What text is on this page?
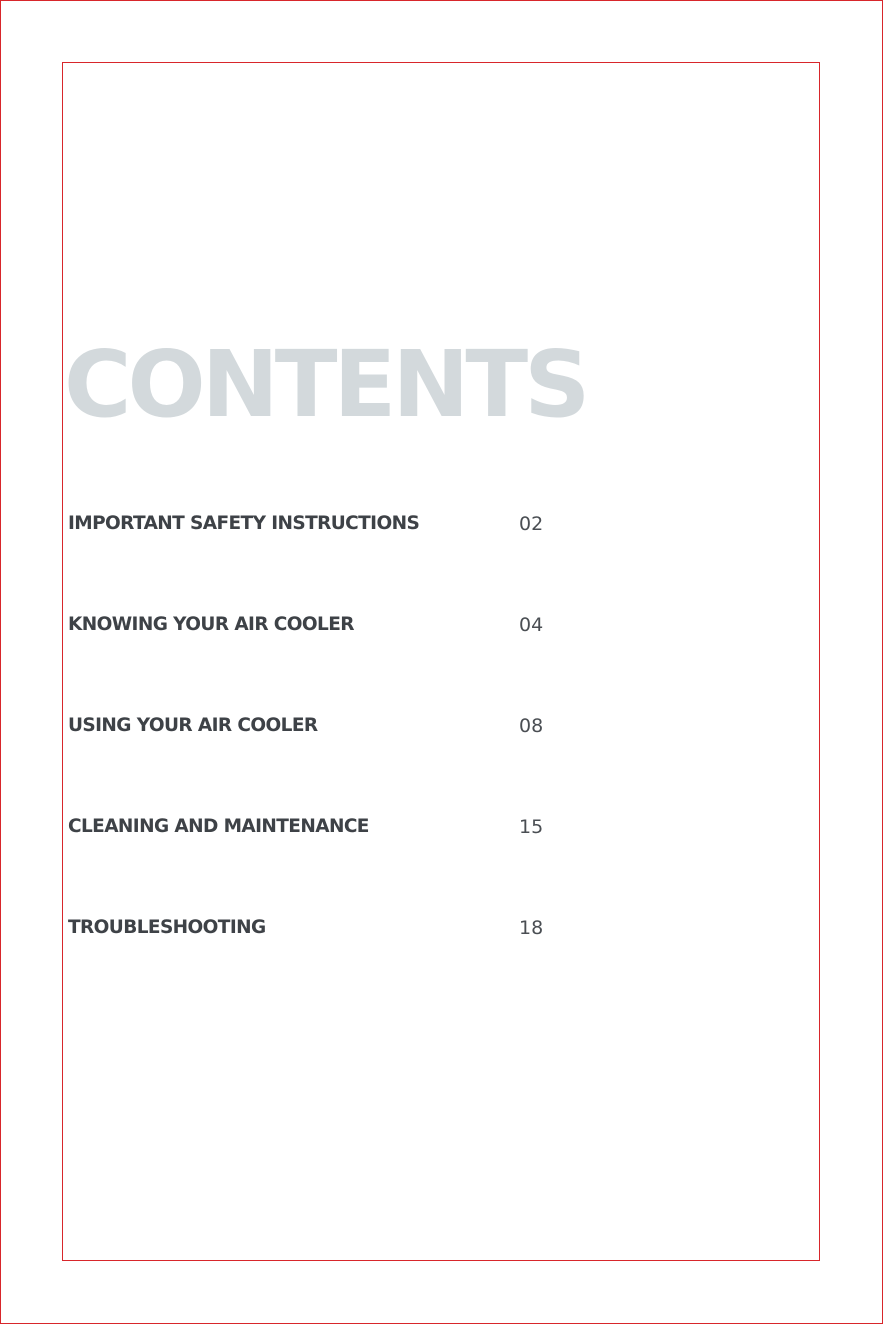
CONTENTS
IMPORTANT SAFETY INSTRUCTIONS	02
KNOWING YOUR AIR COOLER	04
USING YOUR AIR COOLER	08
CLEANING AND MAINTENANCE	15
TROUBLESHOOTING	18
